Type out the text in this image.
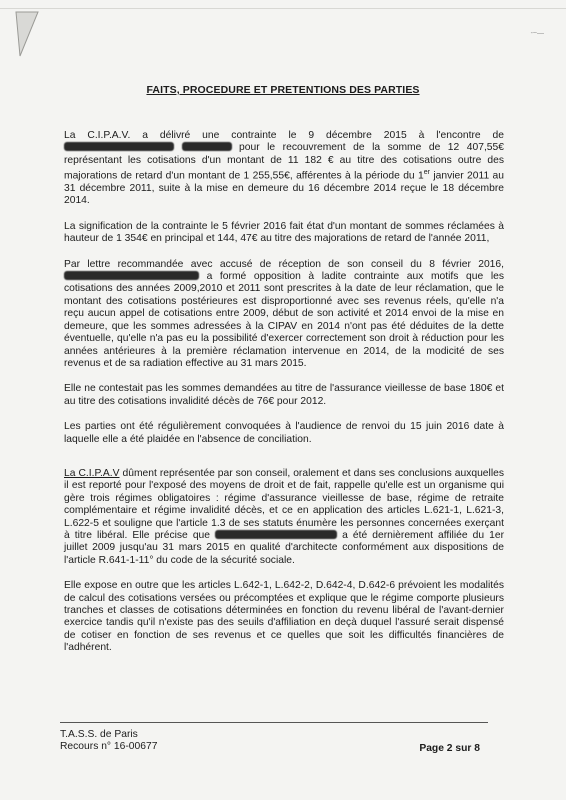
-~—
FAITS, PROCEDURE ET PRETENTIONS DES PARTIES

La C.I.P.A.V. a délivré une contrainte le 9 décembre 2015 à l'encontre de   pour le recouvrement de la somme de 12 407,55€ représentant les cotisations d'un montant de 11 182 € au titre des cotisations outre des majorations de retard d'un montant de 1 255,55€, afférentes à la période du 1er janvier 2011 au 31 décembre 2011, suite à la mise en demeure du 16 décembre 2014 reçue le 18 décembre 2014.

La signification de la contrainte le 5 février 2016 fait état d'un montant de sommes réclamées à hauteur de 1 354€ en principal et 144, 47€ au titre des majorations de retard de l'année 2011,

Par lettre recommandée avec accusé de réception de son conseil du 8 février 2016,  a formé opposition à ladite contrainte aux motifs que les cotisations des années 2009,2010 et 2011 sont prescrites à la date de leur réclamation, que le montant des cotisations postérieures est disproportionné avec ses revenus réels, qu'elle n'a reçu aucun appel de cotisations entre 2009, début de son activité et 2014 envoi de la mise en demeure, que les sommes adressées à la CIPAV en 2014 n'ont pas été déduites de la dette éventuelle, qu'elle n'a pas eu la possibilité d'exercer correctement son droit à réduction pour les années antérieures à la première réclamation intervenue en 2014, de la modicité de ses revenus et de sa radiation effective au 31 mars 2015.

Elle ne contestait pas les sommes demandées au titre de l'assurance vieillesse de base 180€ et au titre des cotisations invalidité décès de 76€ pour 2012.

Les parties ont été régulièrement convoquées à l'audience de renvoi du 15 juin 2016 date à laquelle elle a été plaidée en l'absence de conciliation.

La C.I.P.A.V dûment représentée par son conseil, oralement et dans ses conclusions auxquelles il est reporté pour l'exposé des moyens de droit et de fait, rappelle qu'elle est un organisme qui gère trois régimes obligatoires : régime d'assurance vieillesse de base, régime de retraite complémentaire et régime invalidité décès, et ce en application des articles L.621-1, L.621-3, L.622-5 et souligne que l'article 1.3 de ses statuts énumère les personnes concernées exerçant à titre libéral. Elle précise que	a été dernièrement affiliée du 1er juillet 2009 jusqu'au 31 mars 2015 en qualité d'architecte conformément aux dispositions de l'article R.641-1-11° du code de la sécurité sociale.

Elle expose en outre que les articles L.642-1, L.642-2, D.642-4, D.642-6 prévoient les modalités de calcul des cotisations versées ou précomptées et explique que le régime comporte plusieurs tranches et classes de cotisations déterminées en fonction du revenu libéral de l'avant-dernier exercice tandis qu'il n'existe pas des seuils d'affiliation en deçà duquel l'assuré serait dispensé de cotiser en fonction de ses revenus et ce quelles que soit les difficultés financières de l'adhérent.

T.A.S.S. de Paris
Recours n° 16-00677	Page 2 sur 8
